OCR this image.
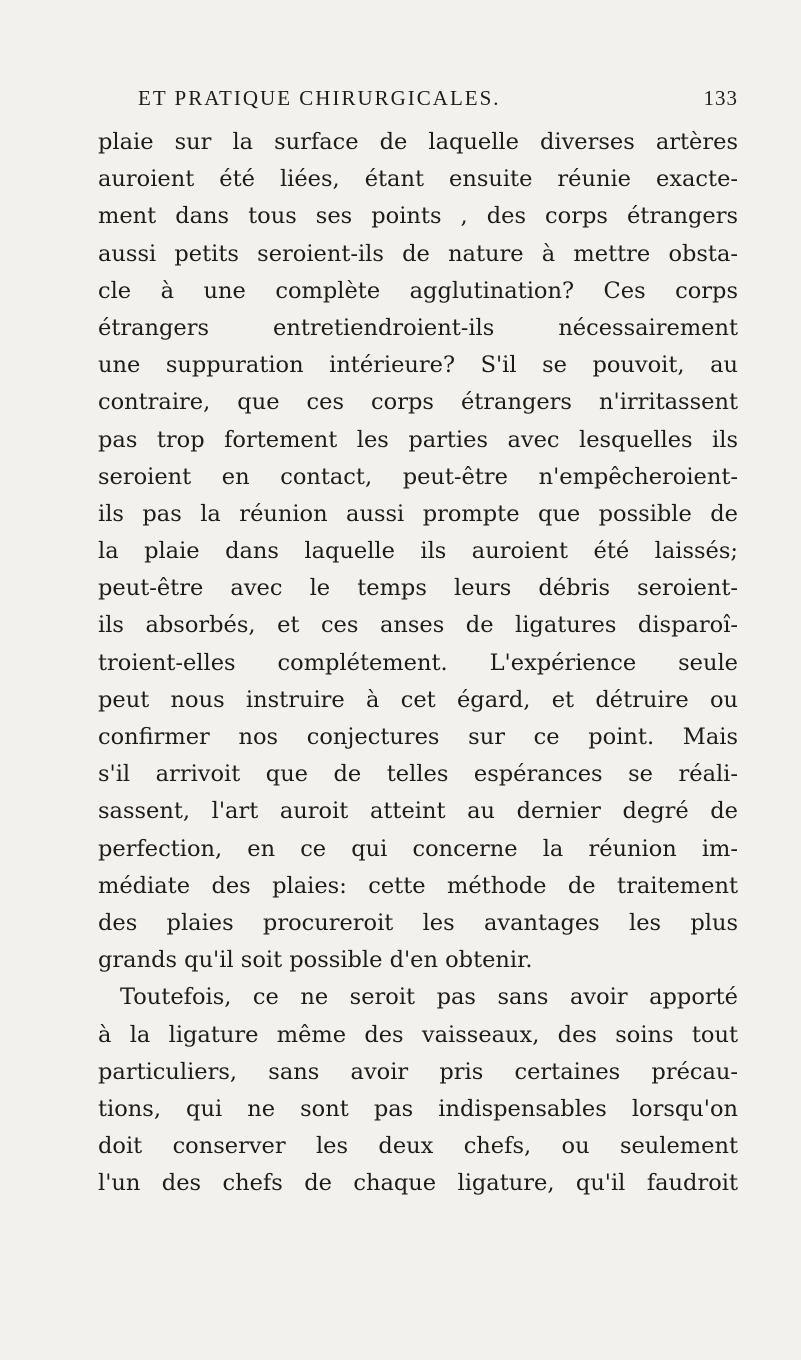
ET PRATIQUE CHIRURGICALES.	133
plaie sur la surface de laquelle diverses artères
auroient été liées, étant ensuite réunie exacte-
ment dans tous ses points , des corps étrangers
aussi petits seroient-ils de nature à mettre obsta-
cle à une complète agglutination? Ces corps
étrangers entretiendroient-ils nécessairement
une suppuration intérieure? S'il se pouvoit, au
contraire, que ces corps étrangers n'irritassent
pas trop fortement les parties avec lesquelles ils
seroient en contact, peut-être n'empêcheroient-
ils pas la réunion aussi prompte que possible de
la plaie dans laquelle ils auroient été laissés;
peut-être avec le temps leurs débris seroient-
ils absorbés, et ces anses de ligatures disparoî-
troient-elles complétement. L'expérience seule
peut nous instruire à cet égard, et détruire ou
confirmer nos conjectures sur ce point. Mais
s'il arrivoit que de telles espérances se réali-
sassent, l'art auroit atteint au dernier degré de
perfection, en ce qui concerne la réunion im-
médiate des plaies: cette méthode de traitement
des plaies procureroit les avantages les plus
grands qu'il soit possible d'en obtenir.
Toutefois, ce ne seroit pas sans avoir apporté
à la ligature même des vaisseaux, des soins tout
particuliers, sans avoir pris certaines précau-
tions, qui ne sont pas indispensables lorsqu'on
doit conserver les deux chefs, ou seulement
l'un des chefs de chaque ligature, qu'il faudroit
